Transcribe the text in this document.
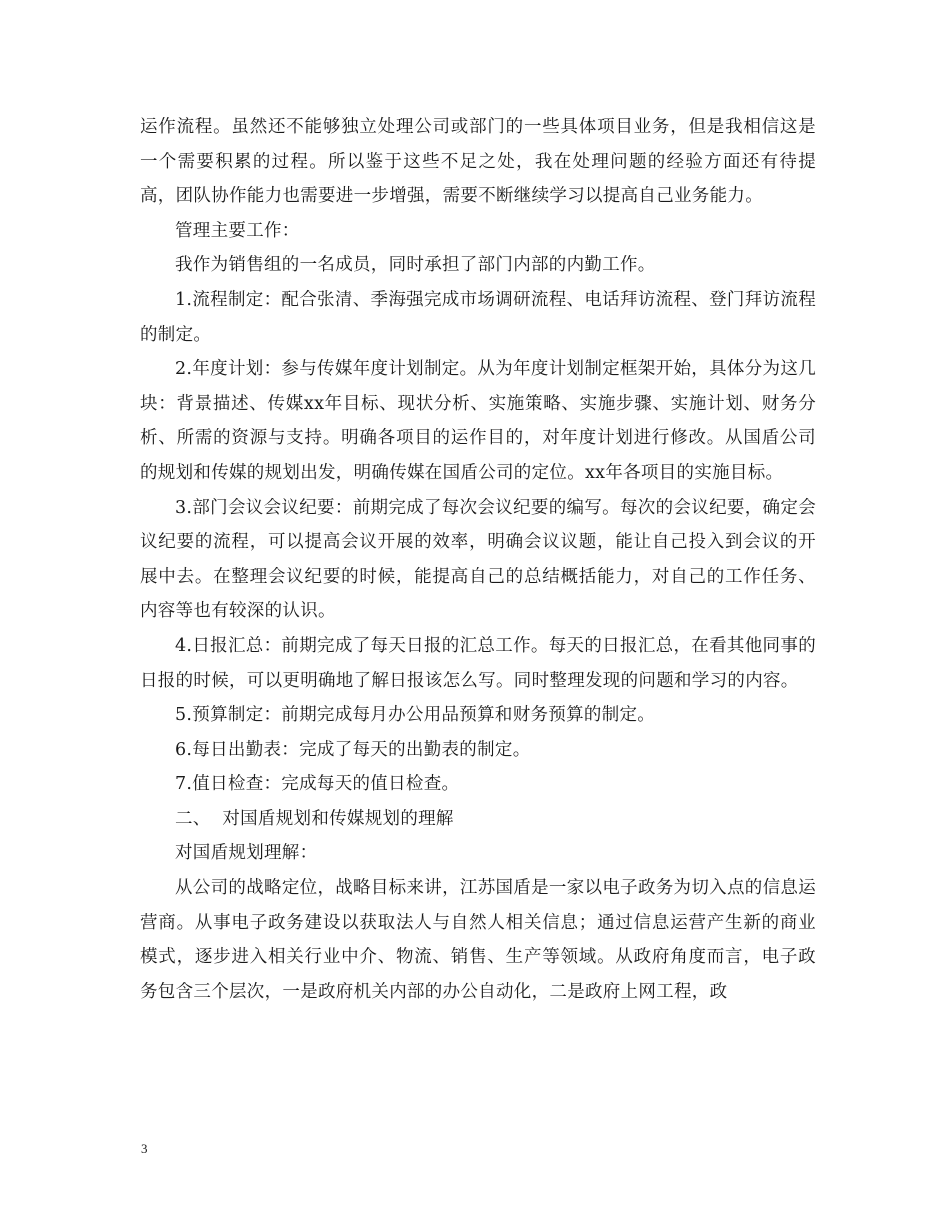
运作流程。虽然还不能够独立处理公司或部门的一些具体项目业务，但是我相信这是一个需要积累的过程。所以鉴于这些不足之处，我在处理问题的经验方面还有待提高，团队协作能力也需要进一步增强，需要不断继续学习以提高自己业务能力。

管理主要工作：

我作为销售组的一名成员，同时承担了部门内部的内勤工作。

1.流程制定：配合张清、季海强完成市场调研流程、电话拜访流程、登门拜访流程的制定。

2.年度计划：参与传媒年度计划制定。从为年度计划制定框架开始，具体分为这几块：背景描述、传媒xx年目标、现状分析、实施策略、实施步骤、实施计划、财务分析、所需的资源与支持。明确各项目的运作目的，对年度计划进行修改。从国盾公司的规划和传媒的规划出发，明确传媒在国盾公司的定位。xx年各项目的实施目标。

3.部门会议会议纪要：前期完成了每次会议纪要的编写。每次的会议纪要，确定会议纪要的流程，可以提高会议开展的效率，明确会议议题，能让自己投入到会议的开展中去。在整理会议纪要的时候，能提高自己的总结概括能力，对自己的工作任务、内容等也有较深的认识。

4.日报汇总：前期完成了每天日报的汇总工作。每天的日报汇总，在看其他同事的日报的时候，可以更明确地了解日报该怎么写。同时整理发现的问题和学习的内容。

5.预算制定：前期完成每月办公用品预算和财务预算的制定。

6.每日出勤表：完成了每天的出勤表的制定。

7.值日检查：完成每天的值日检查。

二、  对国盾规划和传媒规划的理解

对国盾规划理解：

从公司的战略定位，战略目标来讲，江苏国盾是一家以电子政务为切入点的信息运营商。从事电子政务建设以获取法人与自然人相关信息；通过信息运营产生新的商业模式，逐步进入相关行业中介、物流、销售、生产等领域。从政府角度而言，电子政务包含三个层次，一是政府机关内部的办公自动化，二是政府上网工程，政

3
